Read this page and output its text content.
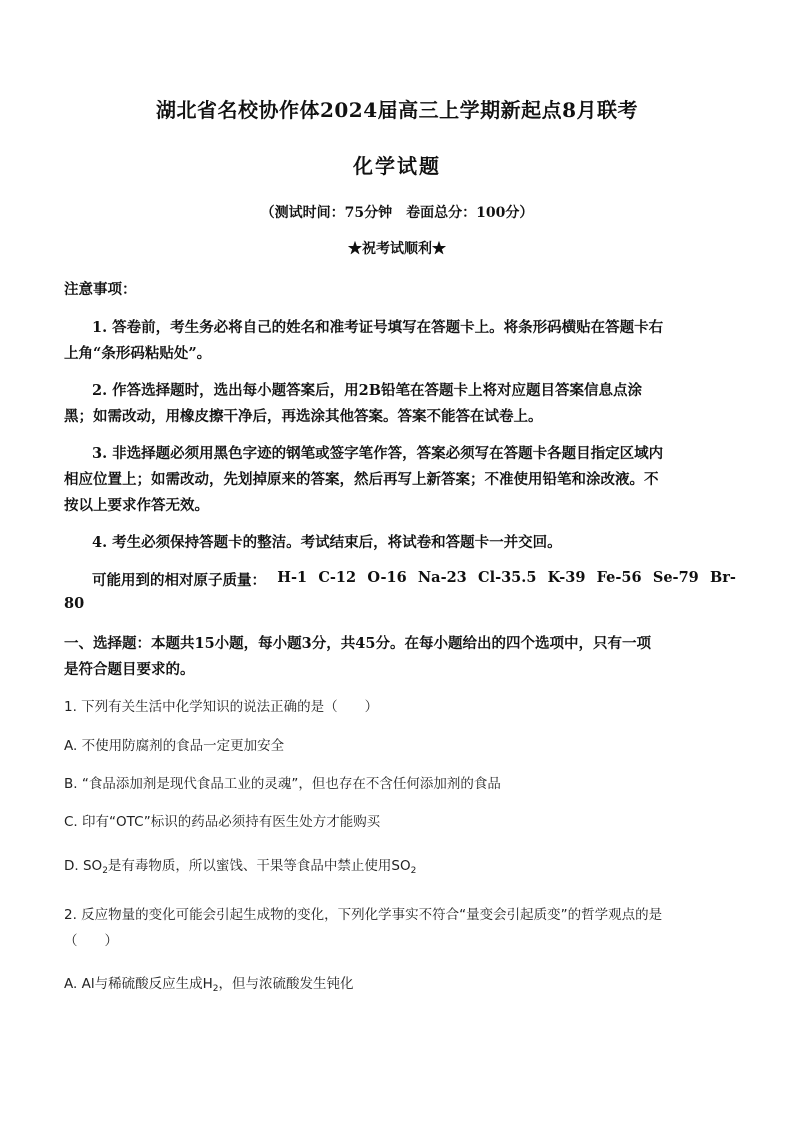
湖北省名校协作体2024届高三上学期新起点8月联考
化学试题
（测试时间：75分钟　卷面总分：100分）
★祝考试顺利★
注意事项：
1. 答卷前，考生务必将自己的姓名和准考证号填写在答题卡上。将条形码横贴在答题卡右
上角“条形码粘贴处”。
2. 作答选择题时，选出每小题答案后，用2B铅笔在答题卡上将对应题目答案信息点涂
黑；如需改动，用橡皮擦干净后，再选涂其他答案。答案不能答在试卷上。
3. 非选择题必须用黑色字迹的钢笔或签字笔作答，答案必须写在答题卡各题目指定区域内
相应位置上；如需改动，先划掉原来的答案，然后再写上新答案；不准使用铅笔和涂改液。不
按以上要求作答无效。
4. 考生必须保持答题卡的整洁。考试结束后，将试卷和答题卡一并交回。
可能用到的相对原子质量： H-1 C-12 O-16 Na-23 Cl-35.5 K-39 Fe-56 Se-79 Br-
80
一、选择题：本题共15小题，每小题3分，共45分。在每小题给出的四个选项中，只有一项
是符合题目要求的。
1. 下列有关生活中化学知识的说法正确的是（　　）
A. 不使用防腐剂的食品一定更加安全
B. “食品添加剂是现代食品工业的灵魂”，但也存在不含任何添加剂的食品
C. 印有“OTC”标识的药品必须持有医生处方才能购买
D. $SO_2$是有毒物质，所以蜜饯、干果等食品中禁止使用$SO_2$
2. 反应物量的变化可能会引起生成物的变化，下列化学事实不符合“量变会引起质变”的哲学观点的是
（　　）
A. Al与稀硫酸反应生成$H_2$，但与浓硫酸发生钝化
